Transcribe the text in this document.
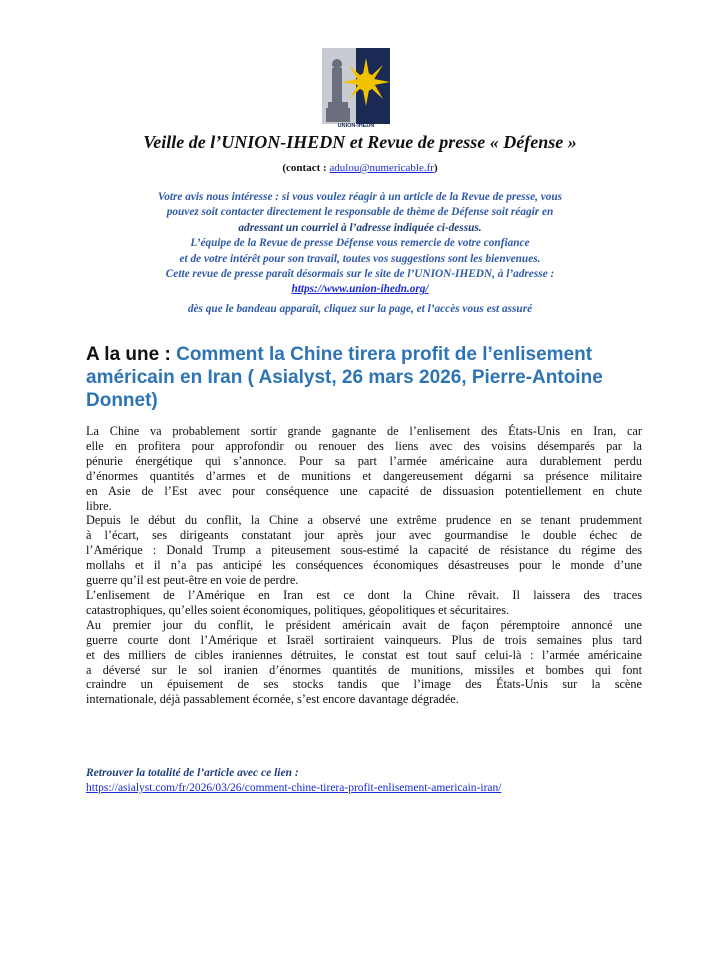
UNION-IHEDN
Veille de l’UNION-IHEDN et Revue de presse « Défense »
(contact : adulou@numericable.fr)
Votre avis nous intéresse : si vous voulez réagir à un article de la Revue de presse, vous
pouvez soit contacter directement le responsable de thème de Défense soit réagir en
adressant un courriel à l’adresse indiquée ci-dessus.
L’équipe de la Revue de presse Défense vous remercie de votre confiance
et de votre intérêt pour son travail, toutes vos suggestions sont les bienvenues.
Cette revue de presse paraît désormais sur le site de l’UNION-IHEDN, à l’adresse :
https://www.union-ihedn.org/
dès que le bandeau apparaît, cliquez sur la page, et l’accès vous est assuré
A la une : Comment la Chine tirera profit de l’enlisement
américain en Iran ( Asialyst, 26 mars 2026, Pierre-Antoine
Donnet)

La Chine va probablement sortir grande gagnante de l’enlisement des États-Unis en Iran, car
elle en profitera pour approfondir ou renouer des liens avec des voisins désemparés par la
pénurie énergétique qui s’annonce. Pour sa part l’armée américaine aura durablement perdu
d’énormes quantités d’armes et de munitions et dangereusement dégarni sa présence militaire
en Asie de l’Est avec pour conséquence une capacité de dissuasion potentiellement en chute
libre.

Depuis le début du conflit, la Chine a observé une extrême prudence en se tenant prudemment
à l’écart, ses dirigeants constatant jour après jour avec gourmandise le double échec de
l’Amérique : Donald Trump a piteusement sous-estimé la capacité de résistance du régime des
mollahs et il n’a pas anticipé les conséquences économiques désastreuses pour le monde d’une
guerre qu’il est peut-être en voie de perdre.

L’enlisement de l’Amérique en Iran est ce dont la Chine rêvait. Il laissera des traces
catastrophiques, qu’elles soient économiques, politiques, géopolitiques et sécuritaires.

Au premier jour du conflit, le président américain avait de façon péremptoire annoncé une
guerre courte dont l’Amérique et Israël sortiraient vainqueurs. Plus de trois semaines plus tard
et des milliers de cibles iraniennes détruites, le constat est tout sauf celui-là : l’armée américaine
a déversé sur le sol iranien d’énormes quantités de munitions, missiles et bombes qui font
craindre un épuisement de ses stocks tandis que l’image des États-Unis sur la scène
internationale, déjà passablement écornée, s’est encore davantage dégradée.

Retrouver la totalité de l’article avec ce lien :
https://asialyst.com/fr/2026/03/26/comment-chine-tirera-profit-enlisement-americain-iran/
